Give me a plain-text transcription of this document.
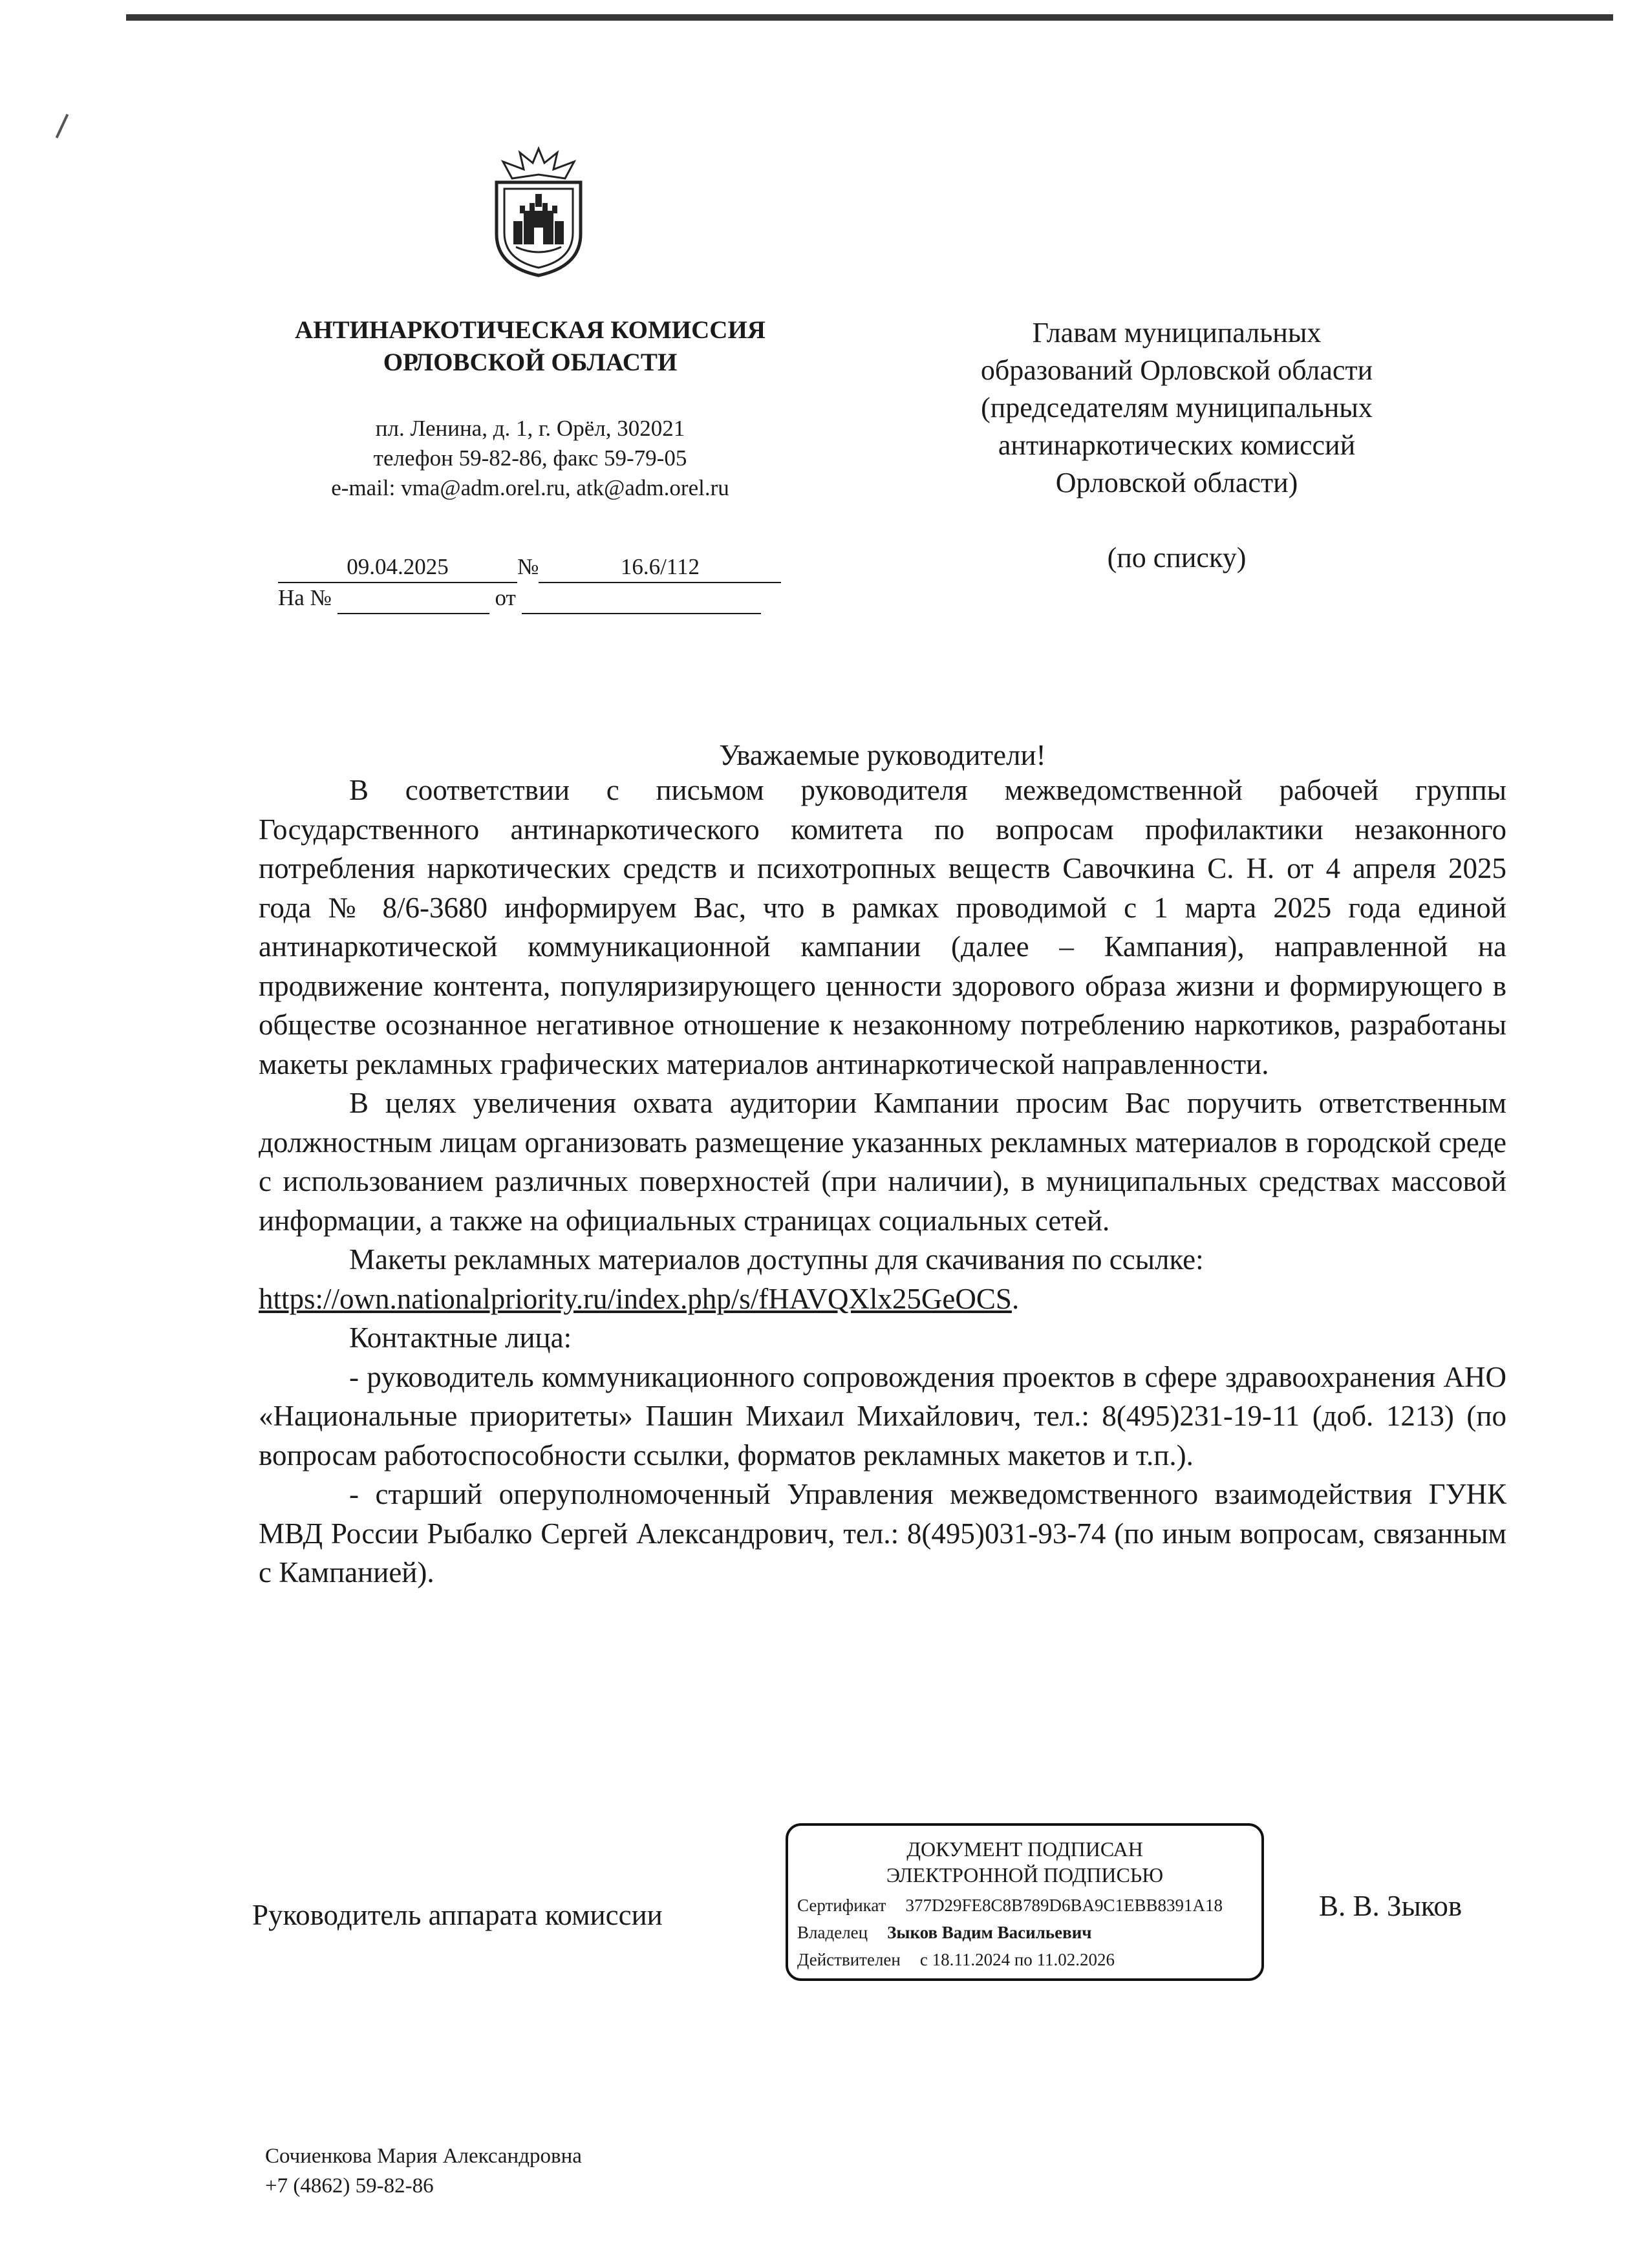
АНТИНАРКОТИЧЕСКАЯ КОМИССИЯ
ОРЛОВСКОЙ ОБЛАСТИ
пл. Ленина, д. 1, г. Орёл, 302021
телефон 59-82-86, факс 59-79-05
e-mail: vma@adm.orel.ru, atk@adm.orel.ru
09.04.2025	№	16.6/112
На №	от

Главам муниципальных

образований Орловской области

(председателям муниципальных

антинаркотических комиссий

Орловской области)

(по списку)

Уважаемые руководители!

В соответствии с письмом руководителя межведомственной рабочей группы Государственного антинаркотического комитета по вопросам профилактики незаконного потребления наркотических средств и психотропных веществ Савочкина С. Н. от 4 апреля 2025 года № 8/6-3680 информируем Вас, что в рамках проводимой с 1 марта 2025 года единой антинаркотической коммуникационной кампании (далее – Кампания), направленной на продвижение контента, популяризирующего ценности здорового образа жизни и формирующего в обществе осознанное негативное отношение к незаконному потреблению наркотиков, разработаны макеты рекламных графических материалов антинаркотической направленности.

В целях увеличения охвата аудитории Кампании просим Вас поручить ответственным должностным лицам организовать размещение указанных рекламных материалов в городской среде с использованием различных поверхностей (при наличии), в муниципальных средствах массовой информации, а также на официальных страницах социальных сетей.

Макеты рекламных материалов доступны для скачивания по ссылке:

https://own.nationalpriority.ru/index.php/s/fHAVQXlx25GeOCS.

Контактные лица:

- руководитель коммуникационного сопровождения проектов в сфере здравоохранения АНО «Национальные приоритеты» Пашин Михаил Михайлович, тел.: 8(495)231-19-11 (доб. 1213) (по вопросам работоспособности ссылки, форматов рекламных макетов и т.п.).

- старший оперуполномоченный Управления межведомственного взаимодействия ГУНК МВД России Рыбалко Сергей Александрович, тел.: 8(495)031-93-74 (по иным вопросам, связанным с Кампанией).

Руководитель аппарата комиссии
ДОКУМЕНТ ПОДПИСАН
ЭЛЕКТРОННОЙ ПОДПИСЬЮ
Сертификат 377D29FE8C8B789D6BA9C1EBB8391A18
Владелец Зыков Вадим Васильевич
Действителен с 18.11.2024 по 11.02.2026
В. В. Зыков
Сочиенкова Мария Александровна
+7 (4862) 59-82-86
